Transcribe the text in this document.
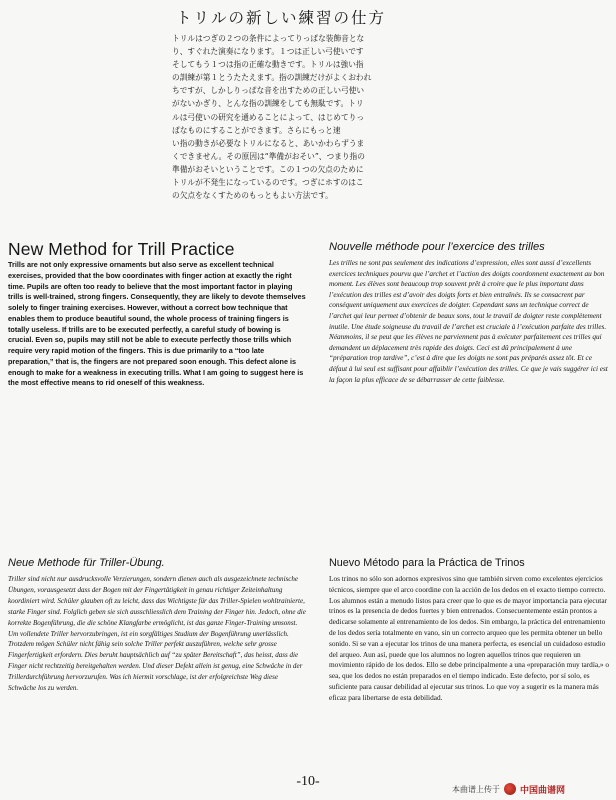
トリルの新しい練習の仕方

トリルはつぎの２つの条件によってりっぱな装飾音とな

り、すぐれた演奏になります。１つは正しい弓使いです

そしてもう１つは指の正確な動きです。トリルは強い指

の訓練が第１とうたたえます。指の訓練だけがよくおわれ

ちですが、しかしりっぱな音を出すための正しい弓使い

がないかぎり、とんな指の訓練をしても無駄です。トリ

ルは弓使いの研究を通めることによって、はじめてりっ

ぱなものにすることができます。さらにもっと速

い指の動きが必要なトリルになると、あいかわらずうま

くできません。その原因は“準備がおそい”、つまり指の

準備がおそいということです。この１つの欠点のために

トリルが不発生になっているのです。つぎにホすのはこ

の欠点をなくすためのもっともよい方法です。

New Method for Trill Practice
Trills are not only expressive ornaments but also serve as excellent technical exercises, provided that the bow coordinates with finger action at exactly the right time. Pupils are often too ready to believe that the most important factor in playing trills is well-trained, strong fingers. Consequently, they are likely to devote themselves solely to finger training exercises. However, without a correct bow technique that enables them to produce beautiful sound, the whole process of training fingers is totally useless. If trills are to be executed perfectly, a careful study of bowing is crucial. Even so, pupils may still not be able to execute perfectly those trills which require very rapid motion of the fingers. This is due primarily to a “too late preparation,” that is, the fingers are not prepared soon enough. This defect alone is enough to make for a weakness in executing trills. What I am going to suggest here is the most effective means to rid oneself of this weakness.
Nouvelle méthode pour l’exercice des trilles
Les trilles ne sont pas seulement des indications d’expression, elles sont aussi d’excellents exercices techniques pourvu que l’archet et l’action des doigts coordonnent exactement au bon moment. Les élèves sont beaucoup trop souvent prêt à croire que le plus important dans l’exécution des trilles est d’avoir des doigts forts et bien entraînés. Ils se consacrent par conséquent uniquement aux exercices de doigter. Cependant sans un technique correct de l’archet qui leur permet d’obtenir de beaux sons, tout le travail de doigter reste complètement inutile. Une étude soigneuse du travail de l’archet est cruciale à l’exécution parfaite des trilles. Néanmoins, il se peut que les élèves ne parviennent pas à exécuter parfaitement ces trilles qui demandent un déplacement très rapide des doigts. Ceci est dû principalement à une “préparation trop tardive”, c’est à dire que les doigts ne sont pas préparés assez tôt. Et ce défaut à lui seul est suffisant pour affaiblir l’exécution des trilles. Ce que je vais suggérer ici est la façon la plus efficace de se débarrasser de cette faiblesse.
Neue Methode für Triller-Übung.
Triller sind nicht nur ausdrucksvolle Verzierungen, sondern dienen auch als ausgezeichnete technische Übungen, vorausgesetzt dass der Bogen mit der Fingertätigkeit in genau richtiger Zeiteinhaltung koordiniert wird. Schüler glauben oft zu leicht, dass das Wichtigste für das Triller-Spielen wohltrainierte, starke Finger sind. Folglich geben sie sich ausschliesslich dem Training der Finger hin. Jedoch, ohne die korrekte Bogenführung, die die schöne Klangfarbe ermöglicht, ist das ganze Finger-Training umsonst. Um vollendete Triller hervorzubringen, ist ein sorgfältiges Studium der Bogenführung unerlässlich. Trotzdem mögen Schüler nicht fähig sein solche Triller perfekt auszuführen, welche sehr grosse Fingerfertigkeit erfordern. Dies beruht hauptsächlich auf “zu später Bereitschaft”, das heisst, dass die Finger nicht rechtzeitig bereitgehalten werden. Und dieser Defekt allein ist genug, eine Schwäche in der Trillerdurchführung hervorzurufen. Was ich hiermit vorschlage, ist der erfolgreichste Weg diese Schwäche los zu werden.
Nuevo Método para la Práctica de Trinos
Los trinos no sólo son adornos expresivos sino que también sirven como excelentes ejercicios técnicos, siempre que el arco coordine con la acción de los dedos en el exacto tiempo correcto. Los alumnos están a menudo listos para creer que lo que es de mayor importancia para ejecutar trinos es la presencia de dedos fuertes y bien entrenados. Consecuentemente están prontos a dedicarse solamente al entrenamiento de los dedos. Sin embargo, la práctica del entrenamiento de los dedos sería totalmente en vano, sin un correcto arqueo que les permita obtener un bello sonido. Si se van a ejecutar los trinos de una manera perfecta, es esencial un cuidadoso estudio del arqueo. Aun así, puede que los alumnos no logren aquellos trinos que requieren un movimiento rápido de los dedos. Ello se debe principalmente a una «preparación muy tardía,» o sea, que los dedos no están preparados en el tiempo indicado. Este defecto, por sí solo, es suficiente para causar debilidad al ejecutar sus trinos. Lo que voy a sugerir es la manera más eficaz para libertarse de esta debilidad.
-10-	本曲谱上传于 中国曲谱网
